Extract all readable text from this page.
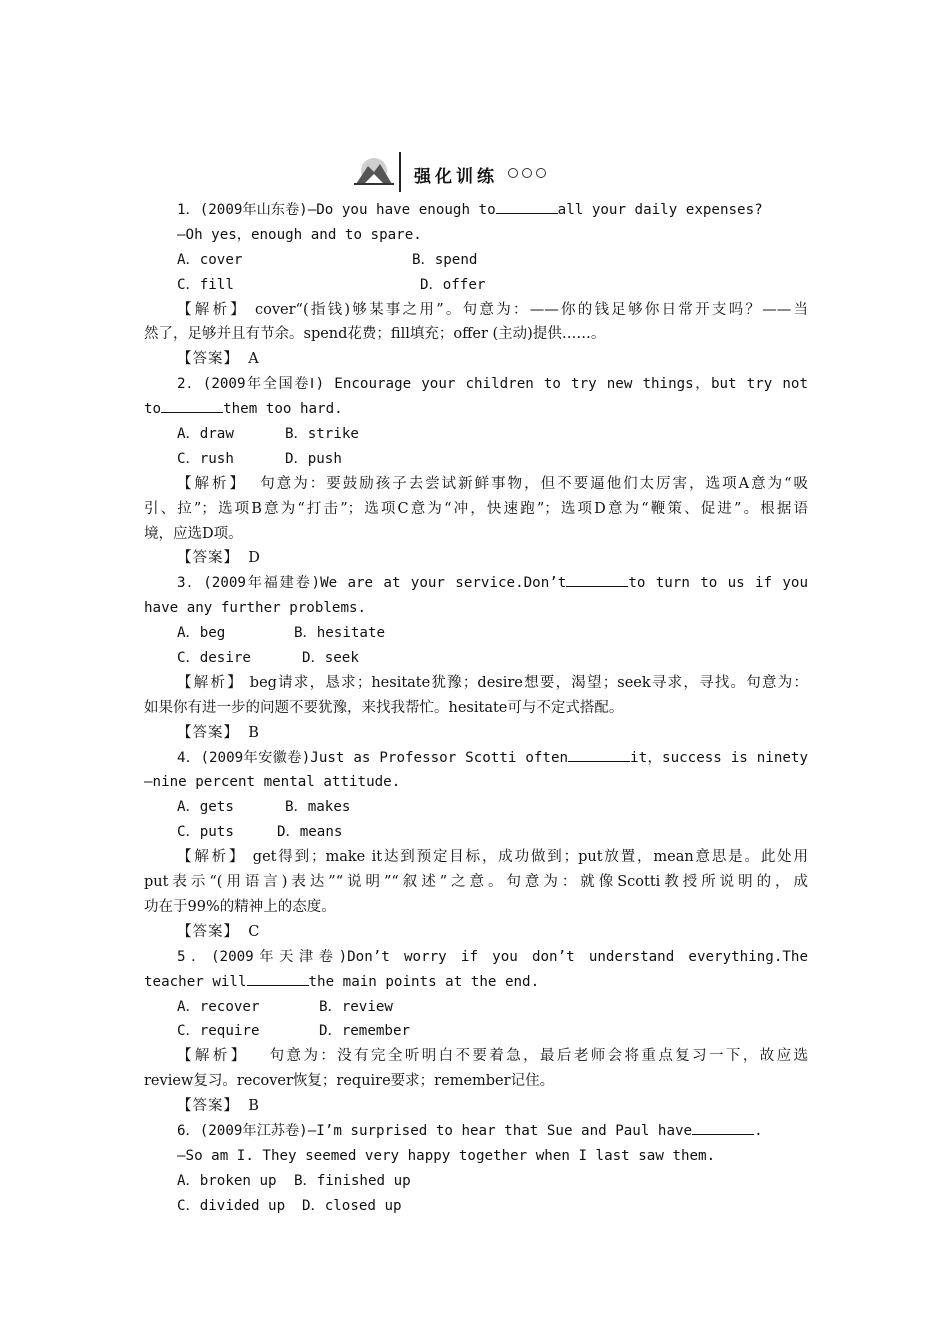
强化训练
1．(2009年山东卷)—Do you have enough to	all your daily expenses?
—Oh yes，enough and to spare.
A．cover	B．spend
C．fill	D．offer
【解析】 cover“(指钱)够某事之用”。句意为：——你的钱足够你日常开支吗？——当
然了，足够并且有节余。spend花费；fill填充；offer (主动)提供……。
【答案】 A
2．(2009年全国卷Ⅰ) Encourage your children to try new things，but try not
to	them too hard.
A．draw	B．strike
C．rush	D．push
【解析】 句意为：要鼓励孩子去尝试新鲜事物，但不要逼他们太厉害，选项A意为“吸
引、拉”；选项B意为“打击”；选项C意为“冲，快速跑”；选项D意为“鞭策、促进”。根据语
境，应选D项。
【答案】 D
3．(2009年福建卷)We are at your service.Don’t	to turn to us if you
have any further problems.
A．beg	B．hesitate
C．desire	D．seek
【解析】 beg请求，恳求；hesitate犹豫；desire想要，渴望；seek寻求，寻找。句意为：
如果你有进一步的问题不要犹豫，来找我帮忙。hesitate可与不定式搭配。
【答案】 B
4．(2009年安徽卷)Just as Professor Scotti often	it，success is ninety
—nine percent mental attitude.
A．gets	B．makes
C．puts	D．means
【解析】 get得到；make it达到预定目标，成功做到；put放置，mean意思是。此处用
put表示“(用语言)表达”“说明”“叙述”之意。句意为：就像Scotti教授所说明的，成
功在于99%的精神上的态度。
【答案】 C
5．(2009年天津卷)Don’t worry if you don’t understand everything.The
teacher will	the main points at the end.
A．recover	B．review
C．require	D．remember
【解析】 句意为：没有完全听明白不要着急，最后老师会将重点复习一下，故应选
review复习。recover恢复；require要求；remember记住。
【答案】 B
6．(2009年江苏卷)—I’m surprised to hear that Sue and Paul have	.
—So am I. They seemed very happy together when I last saw them.
A．broken up B．finished up
C．divided up D．closed up
